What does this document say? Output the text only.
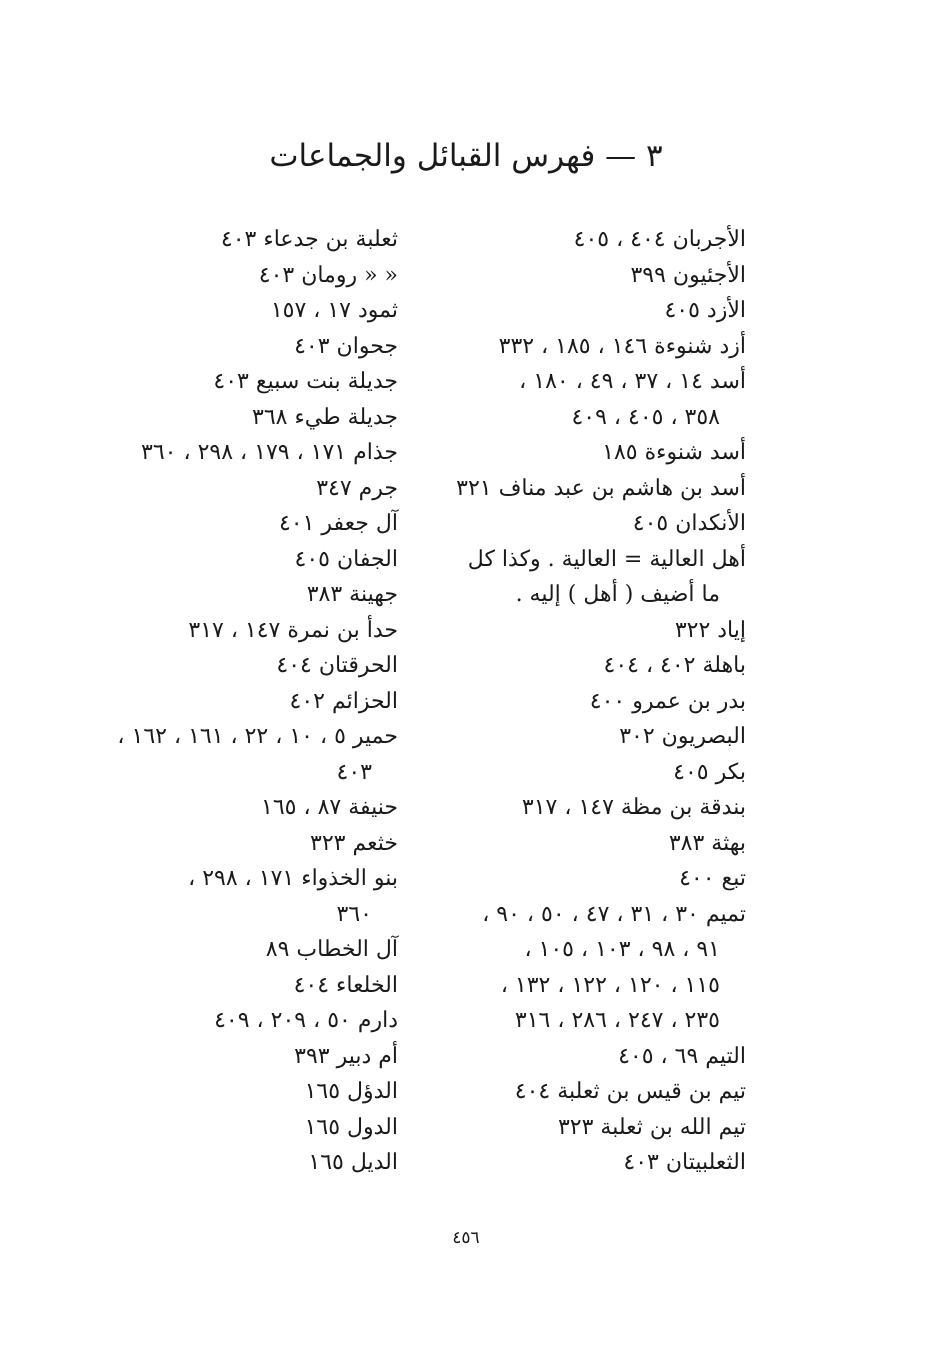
٣ — فهرس القبائل والجماعات
الأجربان ٤٠٤ ، ٤٠٥
الأجئيون ٣٩٩
الأزد ٤٠٥
أزد شنوءة ١٤٦ ، ١٨٥ ، ٣٣٢
أسد ١٤ ، ٣٧ ، ٤٩ ، ١٨٠ ،
٣٥٨ ، ٤٠٥ ، ٤٠٩
أسد شنوءة ١٨٥
أسد بن هاشم بن عبد مناف ٣٢١
الأنكدان ٤٠٥
أهل العالية = العالية . وكذا كل
ما أضيف ( أهل ) إليه .
إياد ٣٢٢
باهلة ٤٠٢ ، ٤٠٤
بدر بن عمرو ٤٠٠
البصريون ٣٠٢
بكر ٤٠٥
بندقة بن مظة ١٤٧ ، ٣١٧
بهثة ٣٨٣
تبع ٤٠٠
تميم ٣٠ ، ٣١ ، ٤٧ ، ٥٠ ، ٩٠ ،
٩١ ، ٩٨ ، ١٠٣ ، ١٠٥ ،
١١٥ ، ١٢٠ ، ١٢٢ ، ١٣٢ ،
٢٣٥ ، ٢٤٧ ، ٢٨٦ ، ٣١٦
التيم ٦٩ ، ٤٠٥
تيم بن قيس بن ثعلبة ٤٠٤
تيم الله بن ثعلبة ٣٢٣
الثعلبيتان ٤٠٣
ثعلبة بن جدعاء ٤٠٣
« « رومان ٤٠٣
ثمود ١٧ ، ١٥٧
جحوان ٤٠٣
جديلة بنت سبيع ٤٠٣
جديلة طيء ٣٦٨
جذام ١٧١ ، ١٧٩ ، ٢٩٨ ، ٣٦٠
جرم ٣٤٧
آل جعفر ٤٠١
الجفان ٤٠٥
جهينة ٣٨٣
حدأ بن نمرة ١٤٧ ، ٣١٧
الحرقتان ٤٠٤
الحزائم ٤٠٢
حمير ٥ ، ١٠ ، ٢٢ ، ١٦١ ، ١٦٢ ،
٤٠٣
حنيفة ٨٧ ، ١٦٥
خثعم ٣٢٣
بنو الخذواء ١٧١ ، ٢٩٨ ،
٣٦٠
آل الخطاب ٨٩
الخلعاء ٤٠٤
دارم ٥٠ ، ٢٠٩ ، ٤٠٩
أم دبير ٣٩٣
الدؤل ١٦٥
الدول ١٦٥
الديل ١٦٥
٤٥٦
